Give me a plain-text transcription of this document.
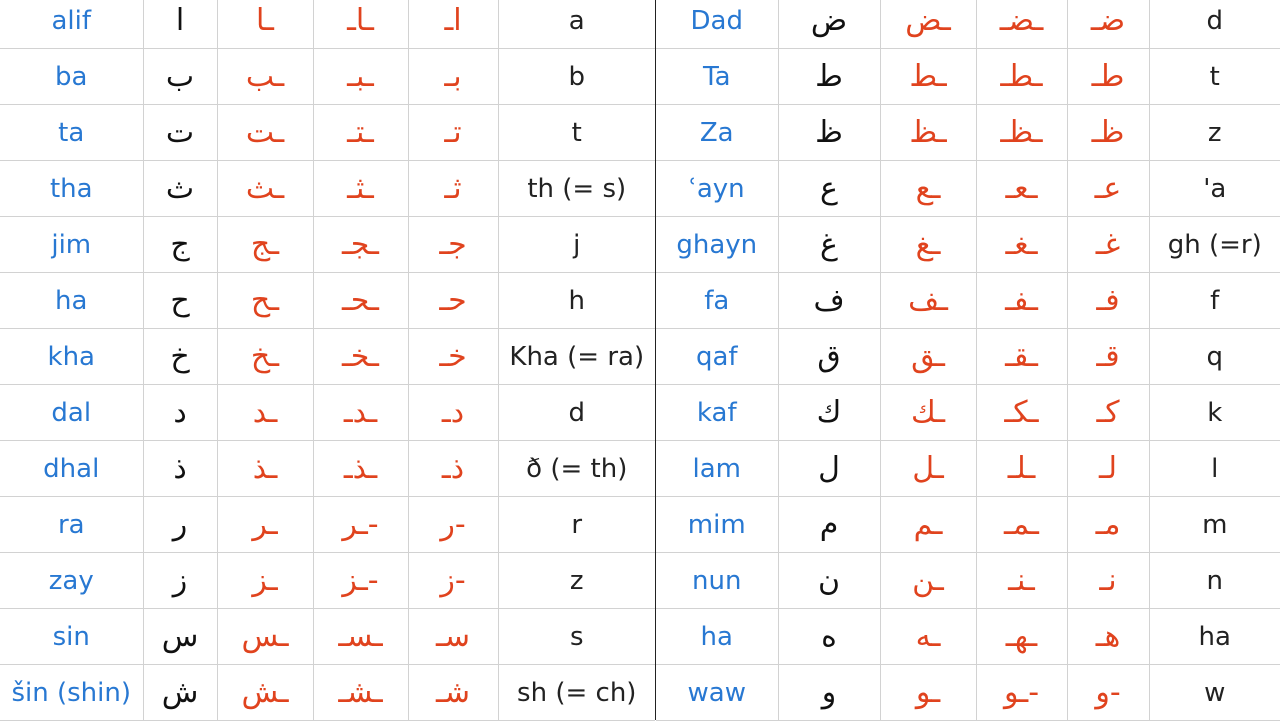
alif	ا	ـا	ـاـ	اـ	a
ba	ب	ـب	ـبـ	بـ	b
ta	ت	ـت	ـتـ	تـ	t
tha	ث	ـث	ـثـ	ثـ	th (= s)
jim	ج	ـج	ـجـ	جـ	j
ha	ح	ـح	ـحـ	حـ	h
kha	خ	ـخ	ـخـ	خـ	Kha (= ra)
dal	د	ـد	ـدـ	دـ	d
dhal	ذ	ـذ	ـذـ	ذـ	ð (= th)
ra	ر	ـر	ـر-	ر-	r
zay	ز	ـز	ـز-	ز-	z
sin	س	ـس	ـسـ	سـ	s
šin (shin)	ش	ـش	ـشـ	شـ	sh (= ch)
Dad	ض	ـض	ـضـ	ضـ	d
Ta	ط	ـط	ـطـ	طـ	t
Za	ظ	ـظ	ـظـ	ظـ	z
ʿayn	ع	ـع	ـعـ	عـ	'a
ghayn	غ	ـغ	ـغـ	غـ	gh (=r)
fa	ف	ـف	ـفـ	فـ	f
qaf	ق	ـق	ـقـ	قـ	q
kaf	ك	ـك	ـكـ	كـ	k
lam	ل	ـل	ـلـ	لـ	l
mim	م	ـم	ـمـ	مـ	m
nun	ن	ـن	ـنـ	نـ	n
ha	ه	ـه	ـهـ	هـ	ha
waw	و	ـو	ـو-	و-	w
